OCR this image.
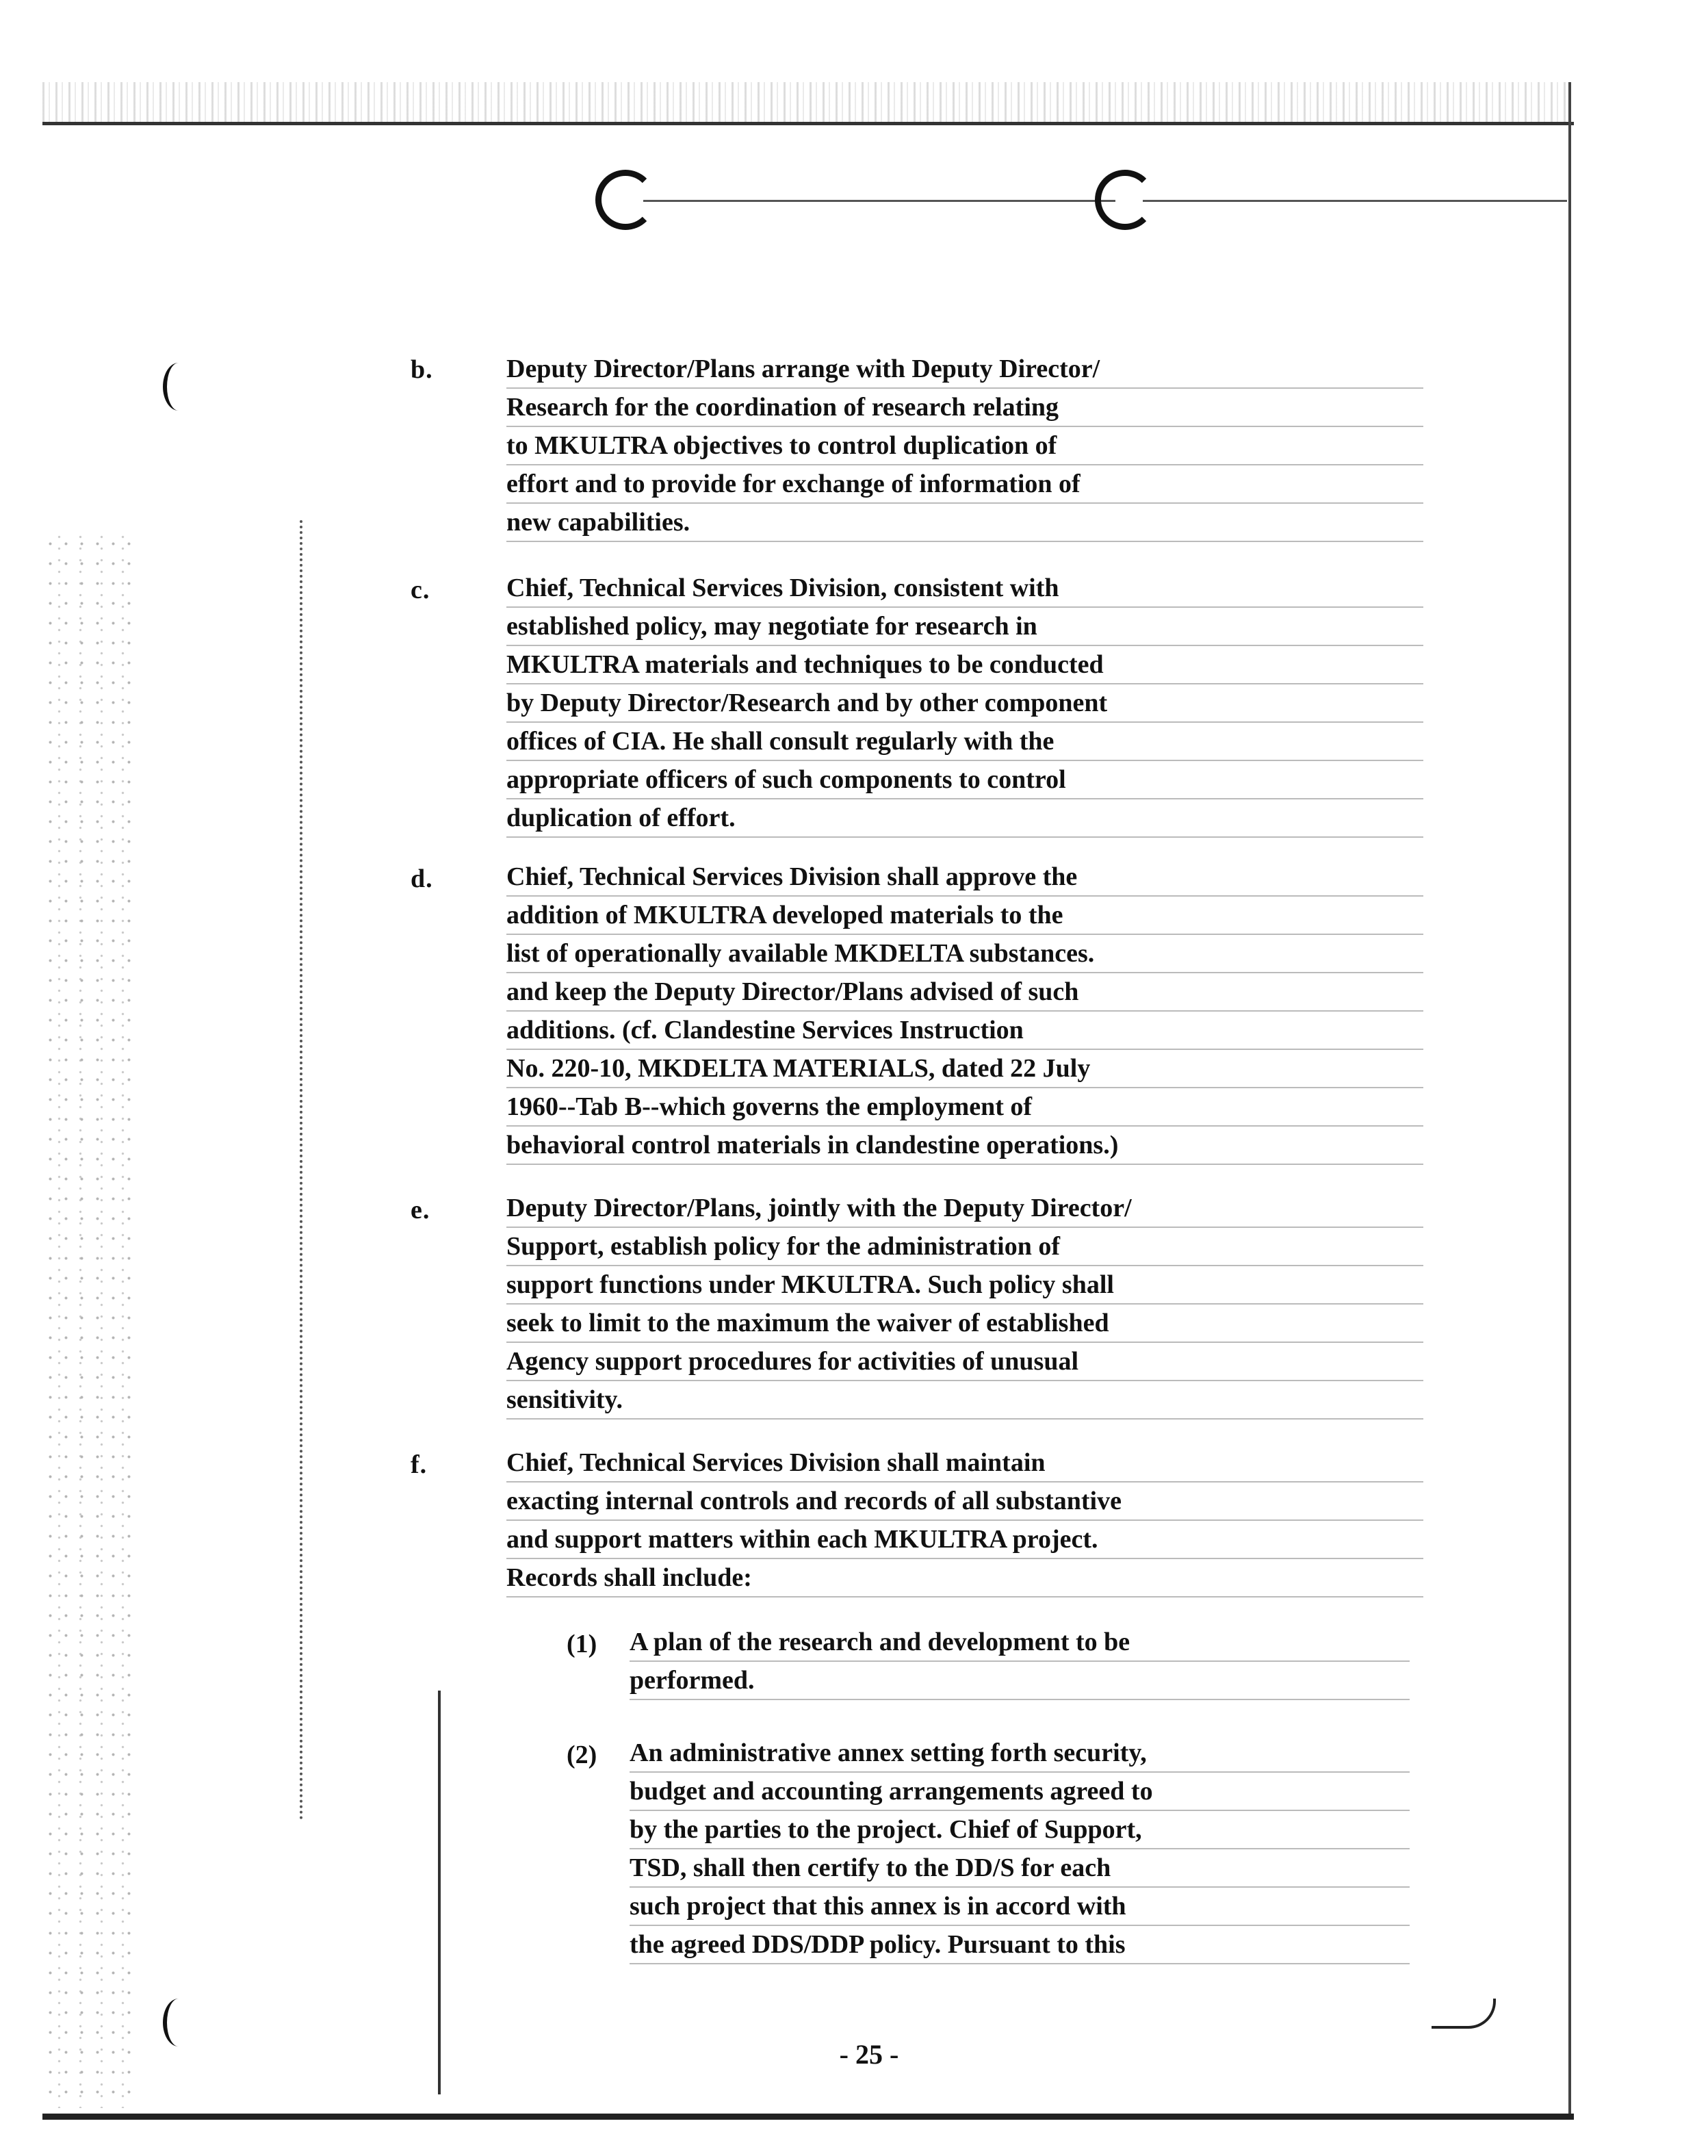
b.	Deputy Director/Plans arrange with Deputy Director/
Research for the coordination of research relating
to MKULTRA objectives to control duplication of
effort and to provide for exchange of information of
new capabilities.
c.	Chief, Technical Services Division, consistent with
established policy, may negotiate for research in
MKULTRA materials and techniques to be conducted
by Deputy Director/Research and by other component
offices of CIA. He shall consult regularly with the
appropriate officers of such components to control
duplication of effort.
d.	Chief, Technical Services Division shall approve the
addition of MKULTRA developed materials to the
list of operationally available MKDELTA substances.
and keep the Deputy Director/Plans advised of such
additions. (cf. Clandestine Services Instruction
No. 220-10, MKDELTA MATERIALS, dated 22 July
1960--Tab B--which governs the employment of
behavioral control materials in clandestine operations.)
e.	Deputy Director/Plans, jointly with the Deputy Director/
Support, establish policy for the administration of
support functions under MKULTRA. Such policy shall
seek to limit to the maximum the waiver of established
Agency support procedures for activities of unusual
sensitivity.
f.	Chief, Technical Services Division shall maintain
exacting internal controls and records of all substantive
and support matters within each MKULTRA project.
Records shall include:
(1)	A plan of the research and development to be
performed.
(2)	An administrative annex setting forth security,
budget and accounting arrangements agreed to
by the parties to the project. Chief of Support,
TSD, shall then certify to the DD/S for each
such project that this annex is in accord with
the agreed DDS/DDP policy. Pursuant to this
- 25 -
